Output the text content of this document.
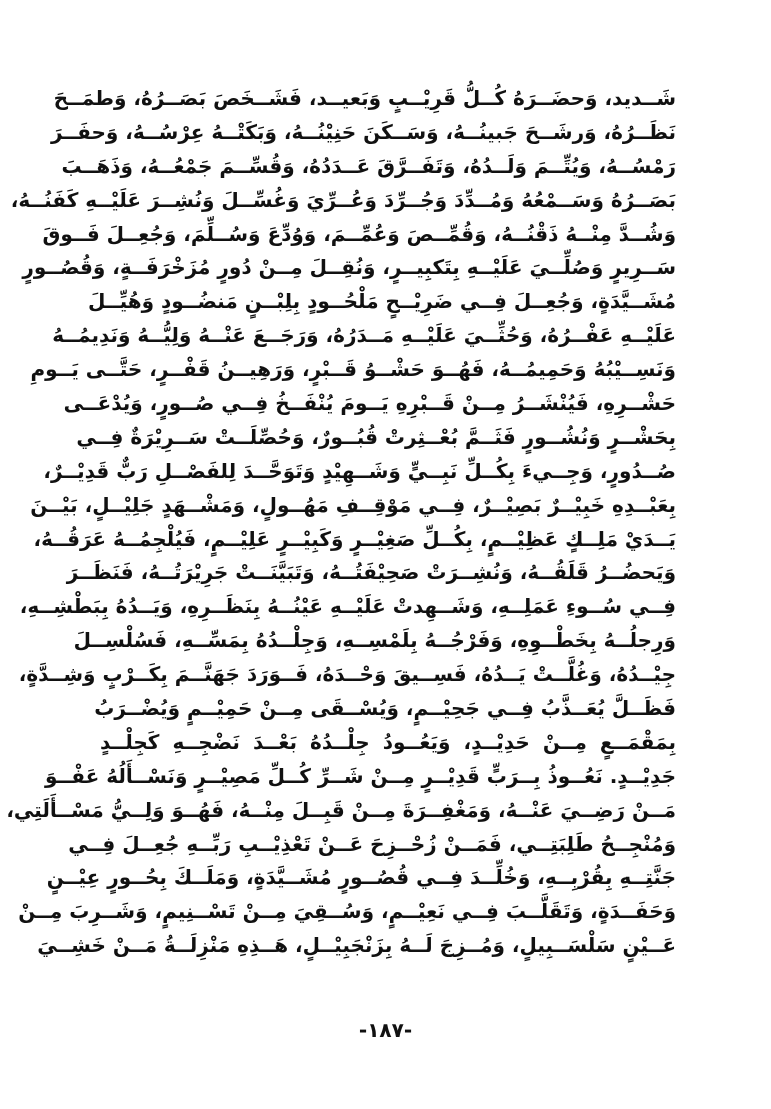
شَــديد، وَحضَــرَهُ كُــلُّ قَرِيْــبٍ وَبَعيــد، فَشَــخَصَ بَصَــرُهُ، وَطمَــحَ
نَظَــرُهُ، وَرشَــحَ جَبينُــهُ، وَسَــكَنَ حَنِيْنُــهُ، وَبَكَتْــهُ عِرْسُــهُ، وَحفَــرَ
رَمْسُــهُ، وَيُتِّــمَ وَلَــدُهُ، وَتَفَــرَّقَ عَــدَدُهُ، وَقُسِّــمَ جَمْعُــهُ، وَذَهَــبَ
بَصَــرُهُ وَسَــمْعُهُ وَمُــدِّدَ وَجُــرِّدَ وَعُــرِّيَ وَغُسِّــلَ وَنُشِــرَ عَلَيْــهِ كَفَنُــهُ،
وَشُــدَّ مِنْــهُ ذَقْنُــهُ، وَقُمِّــصَ وَعُمِّــمَ، وَوُدِّعَ وَسُــلِّمَ، وَجُعِــلَ فَــوقَ
سَــرِيرٍ وَصُلِّــيَ عَلَيْــهِ بِتَكبِيــرٍ، وَنُقِــلَ مِــنْ دُورٍ مُزَخْرَفَــةٍ، وَقُصُــورٍ
مُشَــيَّدَةٍ، وَجُعِــلَ فِــي ضَرِيْــحٍ مَلْحُــودٍ بِلِبْــنٍ مَنضُــودٍ وَهُيِّــلَ
عَلَيْــهِ عَفْــرُهُ، وَحُثِّــيَ عَلَيْــهِ مَــدَرُهُ، وَرَجَــعَ عَنْــهُ وَلِيُّــهُ وَنَدِيمُــهُ
وَنَسِــيْبُهُ وَحَمِيمُــهُ، فَهُــوَ حَشْــوُ قَــبْرٍ، وَرَهِيــنُ قَفْــرٍ، حَتَّــى يَــومِ
حَشْــرِهِ، فَيُنْشَــرُ مِــنْ قَــبْرِهِ يَــومَ يُنْفَــخُ فِــي صُــورٍ، وَيُدْعَــى
بِحَشْــرٍ وَنُشُــورٍ فَثَــمَّ بُعْــثِرتْ قُبُــورٌ، وَحُصِّلَــتْ سَــرِيْرَةٌ فِــي
صُــدُورٍ، وَجِــيءَ بِكُــلِّ نَبِــيٍّ وَشَــهِيْدٍ وَتَوَحَّــدَ لِلفَصْــلِ رَبٌّ قَدِيْــرٌ،
بِعَبْــدِهِ خَبِيْــرٌ بَصِيْــرٌ، فِــي مَوْقِــفِ مَهُــولٍ، وَمَشْــهَدٍ جَلِيْــلٍ، بَيْــنَ
يَــدَيْ مَلِــكٍ عَظِيْــمٍ، بِكُــلِّ صَغِيْــرٍ وَكَبِيْــرٍ عَلِيْــمٍ، فَيُلْجِمُــهُ عَرَقُــهُ،
وَيَحضُــرُ قَلَقُــهُ، وَنُشِــرَتْ صَحِيْفَتُــهُ، وَتَبَيَّنَــتْ جَرِيْرَتُــهُ، فَنَظَــرَ
فِــي سُــوءِ عَمَلِــهِ، وَشَــهِدتْ عَلَيْــهِ عَيْنُــهُ بِنَظَــرِهِ، وَيَــدُهُ بِبَطْشِــهِ،
وَرِجلُــهُ بِخَطْــوِهِ، وَفَرْجُــهُ بِلَمْسِــهِ، وَجِلْــدُهُ بِمَسِّــهِ، فَسُلْسِــلَ
جِيْــدُهُ، وَغُلَّــتْ يَــدُهُ، فَسِــيقَ وَحْــدَهُ، فَــوَرَدَ جَهَنَّــمَ بِكَــرْبٍ وَشِــدَّةٍ،
فَظَــلَّ يُعَــذَّبُ فِــي جَحِيْــمٍ، وَيُسْــقَى مِــنْ حَمِيْــمٍ وَيُضْــرَبُ
بِمَقْمَــعٍ مِــنْ حَدِيْــدٍ، وَيَعُــودُ جِلْــدُهُ بَعْــدَ نَضْجِــهِ كَجِلْــدٍ
جَدِيْــدٍ. نَعُــوذُ بِــرَبٍّ قَدِيْــرٍ مِــنْ شَــرِّ كُــلِّ مَصِيْــرٍ وَنَسْــأَلُهُ عَفْــوَ
مَــنْ رَضِــيَ عَنْــهُ، وَمَغْفِــرَةَ مِــنْ قَبِــلَ مِنْــهُ، فَهُــوَ وَلِــيُّ مَسْــأَلَتِي،
وَمُنْجِــحُ طَلِبَتِــي، فَمَــنْ زُحْــزِحَ عَــنْ تَعْذِيْــبِ رَبِّــهِ جُعِــلَ فِــي
جَنَّتِــهِ بِقُرْبِــهِ، وَخُلِّــدَ فِــي قُصُــورٍ مُشَــيَّدَةٍ، وَمَلَــكَ بِحُــورٍ عِيْــنٍ
وَحَفَــدَةٍ، وَتَقَلَّــبَ فِــي نَعِيْــمٍ، وَسُــقِيَ مِــنْ تَسْــنِيمٍ، وَشَــرِبَ مِــنْ
عَــيْنٍ سَلْسَــبِيلٍ، وَمُــزِجَ لَــهُ بِزَنْجَبِيْــلٍ، هَــذِهِ مَنْزِلَــةُ مَــنْ خَشِــيَ
-١٨٧-
